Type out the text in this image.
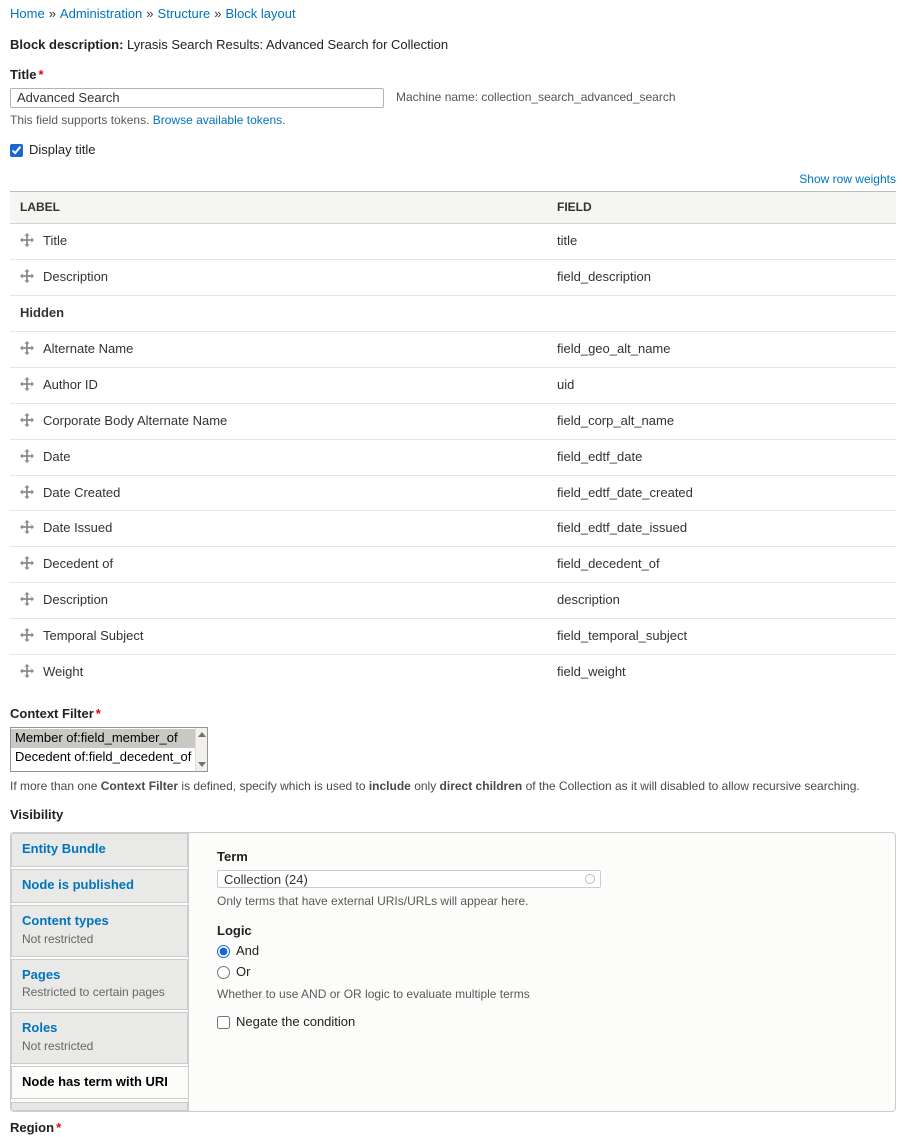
Home » Administration » Structure » Block layout
Block description: Lyrasis Search Results: Advanced Search for Collection
Title *
Advanced Search
Machine name: collection_search_advanced_search
This field supports tokens. Browse available tokens.
Display title
Show row weights
LABEL	FIELD
Title	title
Description	field_description
Hidden	
Alternate Name	field_geo_alt_name
Author ID	uid
Corporate Body Alternate Name	field_corp_alt_name
Date	field_edtf_date
Date Created	field_edtf_date_created
Date Issued	field_edtf_date_issued
Decedent of	field_decedent_of
Description	description
Temporal Subject	field_temporal_subject
Weight	field_weight
Context Filter *
Member of:field_member_of
Decedent of:field_decedent_of
If more than one Context Filter is defined, specify which is used to include only direct children of the Collection as it will disabled to allow recursive searching.
Visibility
Entity Bundle
Node is published
Content types
Not restricted
Pages
Restricted to certain pages
Roles
Not restricted
Node has term with URI
Term
Collection (24)
Only terms that have external URIs/URLs will appear here.
Logic
And
Or
Whether to use AND or OR logic to evaluate multiple terms
Negate the condition
Region *
